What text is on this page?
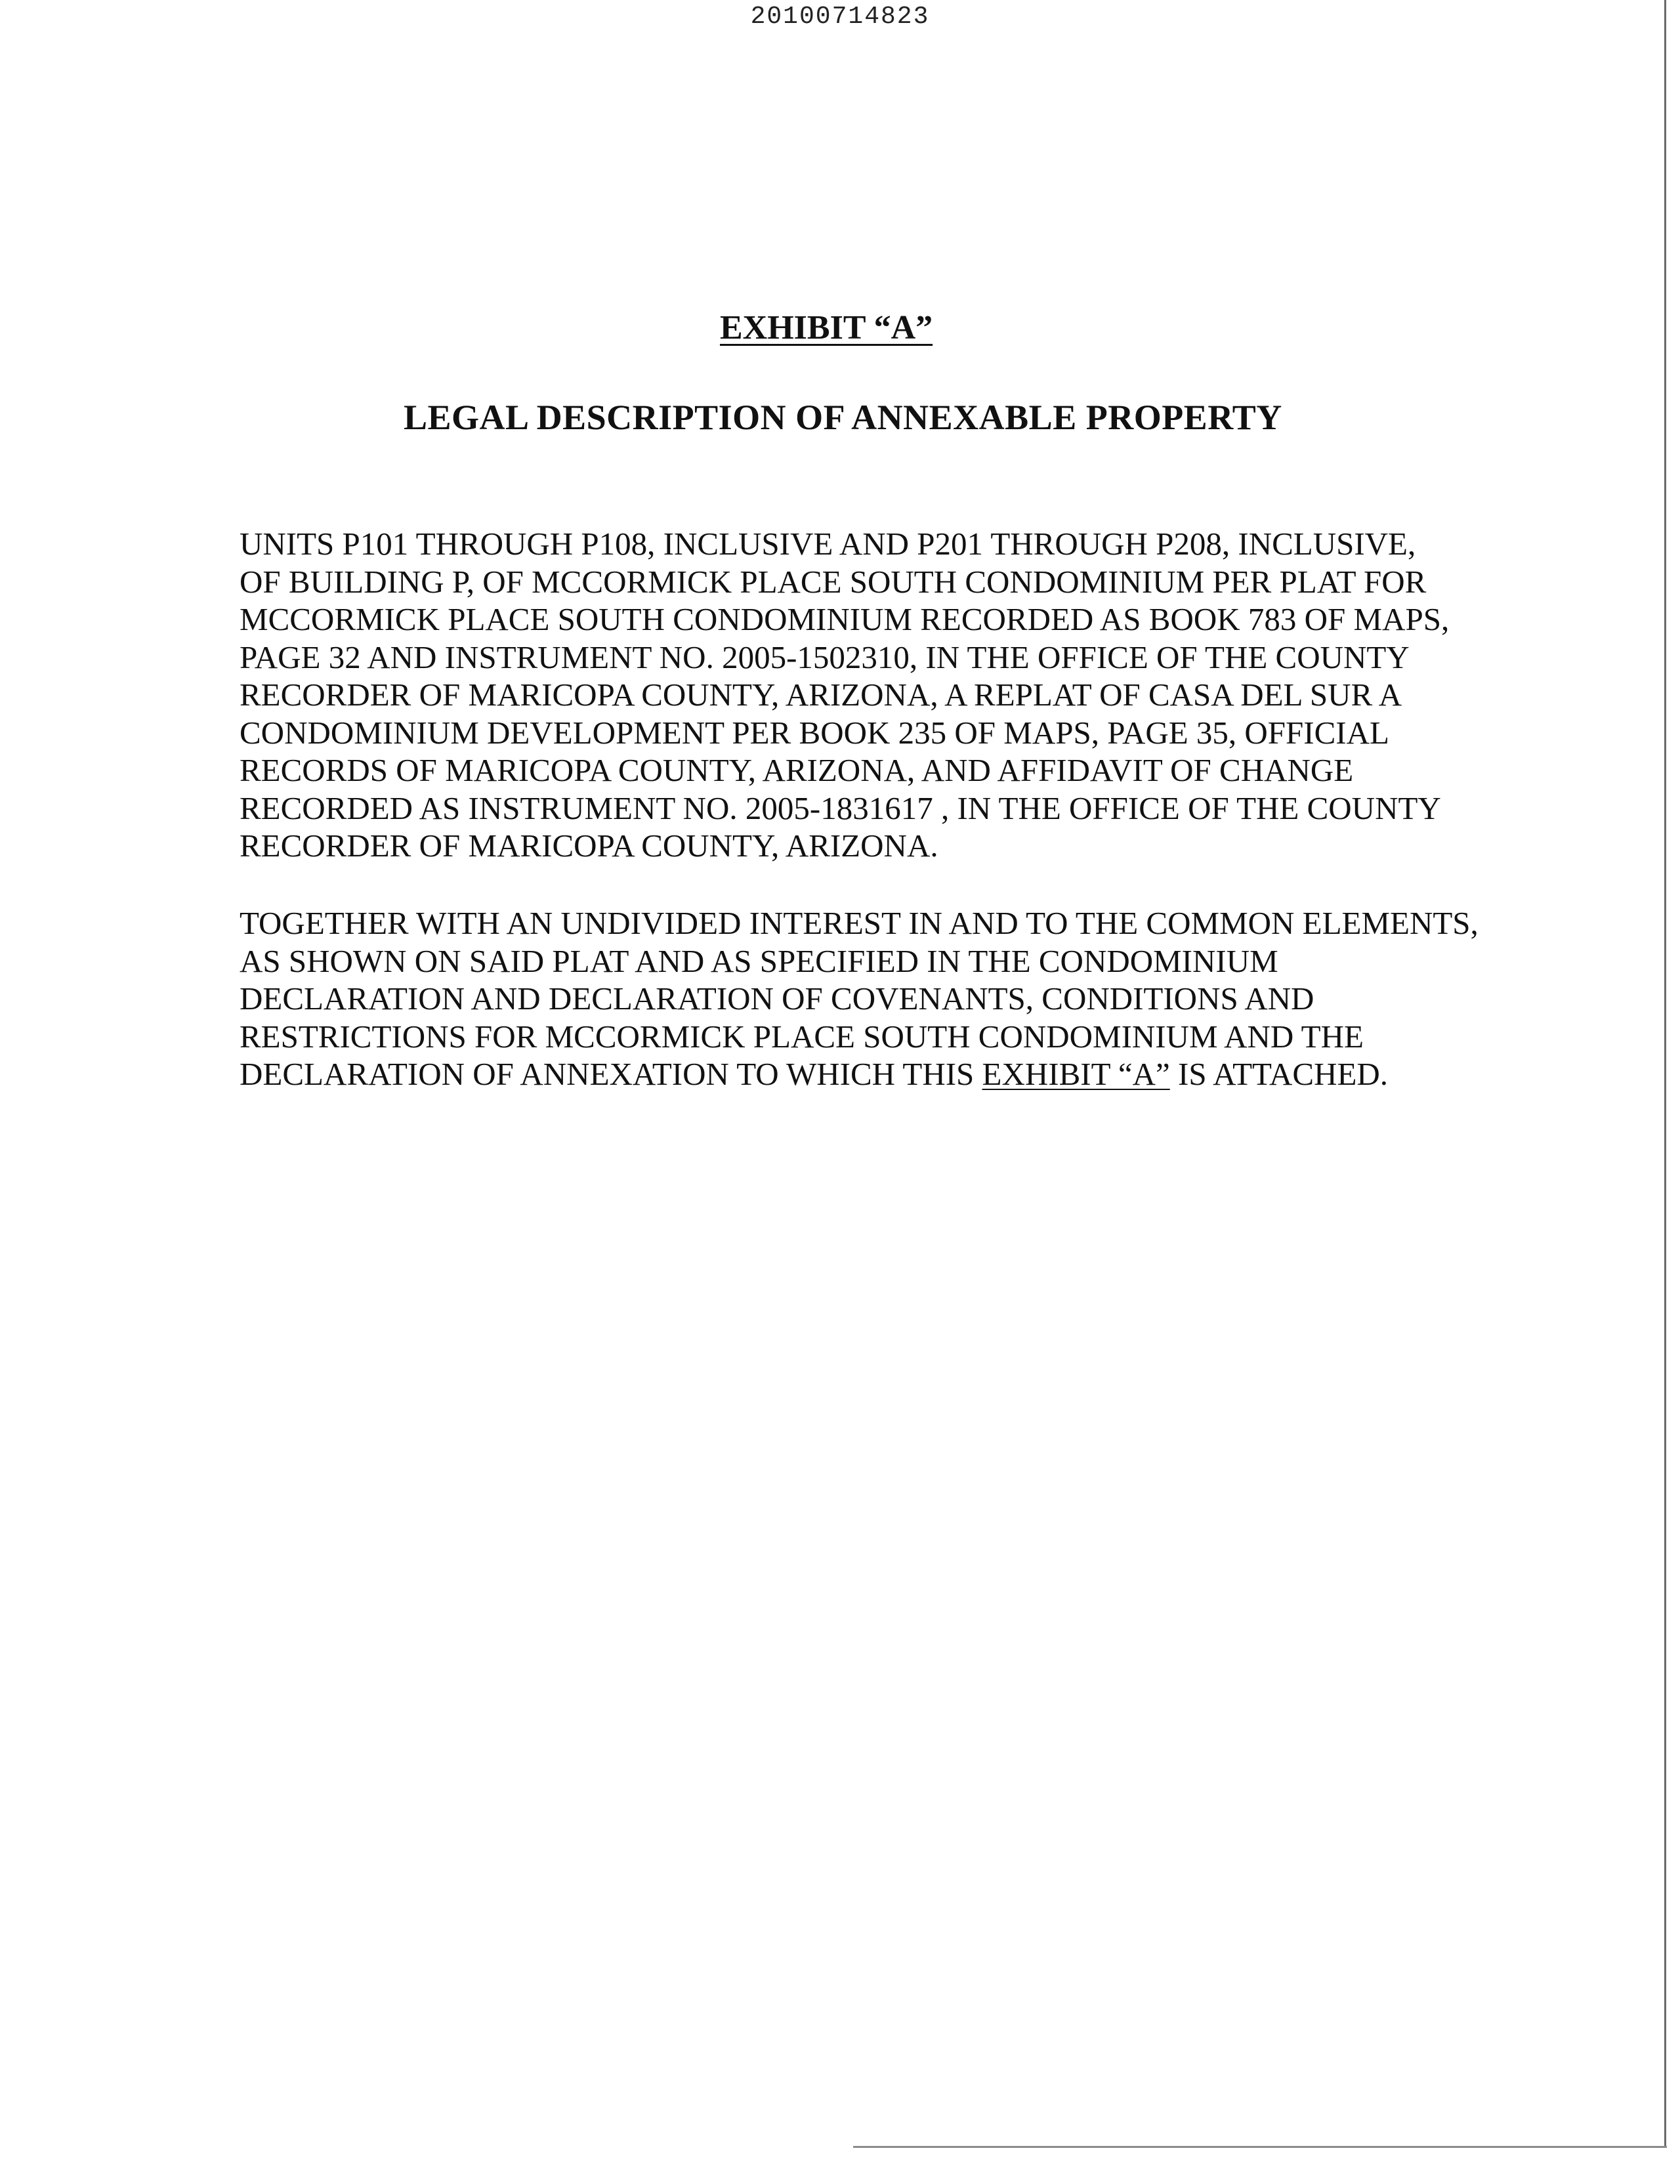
20100714823
EXHIBIT “A”
LEGAL DESCRIPTION OF ANNEXABLE PROPERTY
UNITS P101 THROUGH P108, INCLUSIVE AND P201 THROUGH P208, INCLUSIVE,
OF BUILDING P, OF MCCORMICK PLACE SOUTH CONDOMINIUM PER PLAT FOR
MCCORMICK PLACE SOUTH CONDOMINIUM RECORDED AS BOOK 783 OF MAPS,
PAGE 32 AND INSTRUMENT NO. 2005-1502310, IN THE OFFICE OF THE COUNTY
RECORDER OF MARICOPA COUNTY, ARIZONA, A REPLAT OF CASA DEL SUR A
CONDOMINIUM DEVELOPMENT PER BOOK 235 OF MAPS, PAGE 35, OFFICIAL
RECORDS OF MARICOPA COUNTY, ARIZONA, AND AFFIDAVIT OF CHANGE
RECORDED AS INSTRUMENT NO. 2005-1831617 , IN THE OFFICE OF THE COUNTY
RECORDER OF MARICOPA COUNTY, ARIZONA.
TOGETHER WITH AN UNDIVIDED INTEREST IN AND TO THE COMMON ELEMENTS,
AS SHOWN ON SAID PLAT AND AS SPECIFIED IN THE CONDOMINIUM
DECLARATION AND DECLARATION OF COVENANTS, CONDITIONS AND
RESTRICTIONS FOR MCCORMICK PLACE SOUTH CONDOMINIUM AND THE
DECLARATION OF ANNEXATION TO WHICH THIS EXHIBIT “A” IS ATTACHED.
